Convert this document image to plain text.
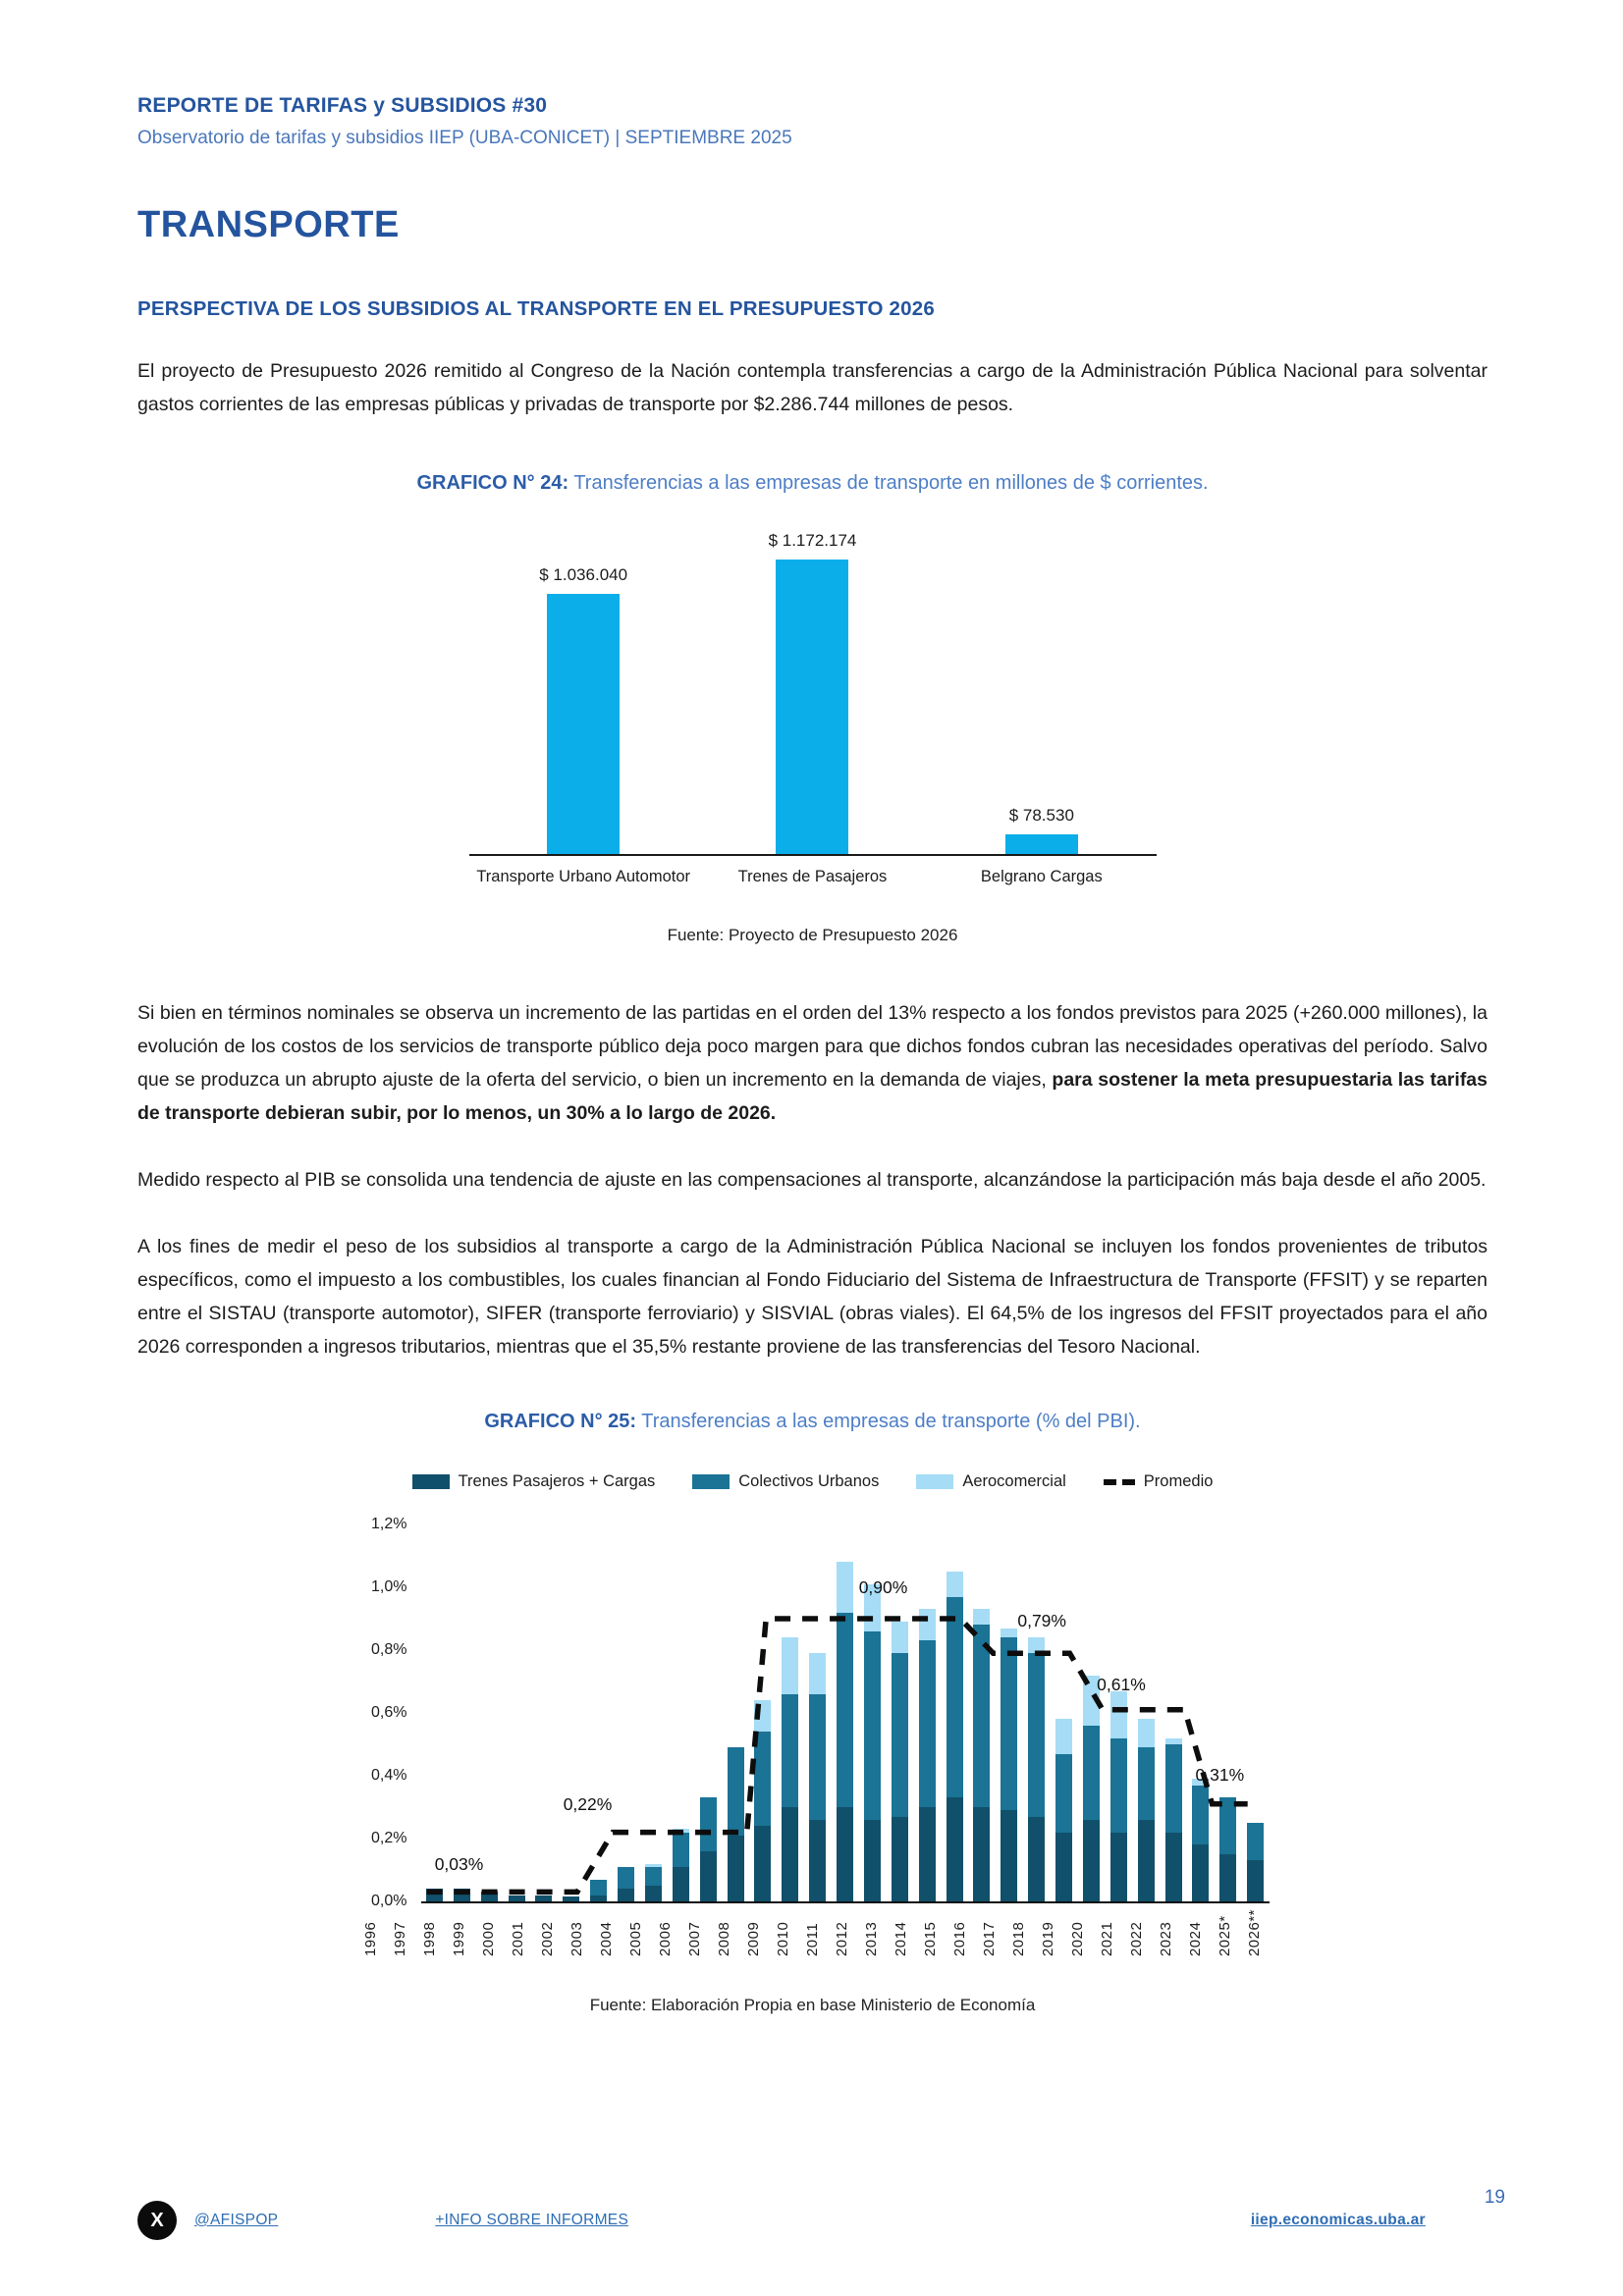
REPORTE DE TARIFAS y SUBSIDIOS #30
Observatorio de tarifas y subsidios IIEP (UBA-CONICET) | SEPTIEMBRE 2025
TRANSPORTE
PERSPECTIVA DE LOS SUBSIDIOS AL TRANSPORTE EN EL PRESUPUESTO 2026

El proyecto de Presupuesto 2026 remitido al Congreso de la Nación contempla transferencias a cargo de la Administración Pública Nacional para solventar gastos corrientes de las empresas públicas y privadas de transporte por $2.286.744 millones de pesos.

GRAFICO N° 24: Transferencias a las empresas de transporte en millones de $ corrientes.
$ 1.036.040
$ 1.172.174
$ 78.530
Transporte Urbano Automotor	Trenes de Pasajeros	Belgrano Cargas
Fuente: Proyecto de Presupuesto 2026

Si bien en términos nominales se observa un incremento de las partidas en el orden del 13% respecto a los fondos previstos para 2025 (+260.000 millones), la evolución de los costos de los servicios de transporte público deja poco margen para que dichos fondos cubran las necesidades operativas del período. Salvo que se produzca un abrupto ajuste de la oferta del servicio, o bien un incremento en la demanda de viajes, para sostener la meta presupuestaria las tarifas de transporte debieran subir, por lo menos, un 30% a lo largo de 2026.

Medido respecto al PIB se consolida una tendencia de ajuste en las compensaciones al transporte, alcanzándose la participación más baja desde el año 2005.

A los fines de medir el peso de los subsidios al transporte a cargo de la Administración Pública Nacional se incluyen los fondos provenientes de tributos específicos, como el impuesto a los combustibles, los cuales financian al Fondo Fiduciario del Sistema de Infraestructura de Transporte (FFSIT) y se reparten entre el SISTAU (transporte automotor), SIFER (transporte ferroviario) y SISVIAL (obras viales). El 64,5% de los ingresos del FFSIT proyectados para el año 2026 corresponden a ingresos tributarios, mientras que el 35,5% restante proviene de las transferencias del Tesoro Nacional.

GRAFICO N° 25: Transferencias a las empresas de transporte (% del PBI).
Trenes Pasajeros + Cargas	Colectivos Urbanos	Aerocomercial	Promedio
1,2%
1,0%
0,8%
0,6%
0,4%
0,2%
0,0%
0,03%
0,22%
0,90%
0,79%
0,61%
0,31%
1996 1997 1998 1999 2000 2001 2002 2003 2004 2005 2006 2007 2008 2009 2010 2011 2012 2013 2014 2015 2016 2017 2018 2019 2020 2021 2022 2023 2024 2025* 2026**
Fuente: Elaboración Propia en base Ministerio de Economía
X @AFISPOP	+INFO SOBRE INFORMES	iiep.economicas.uba.ar
19
